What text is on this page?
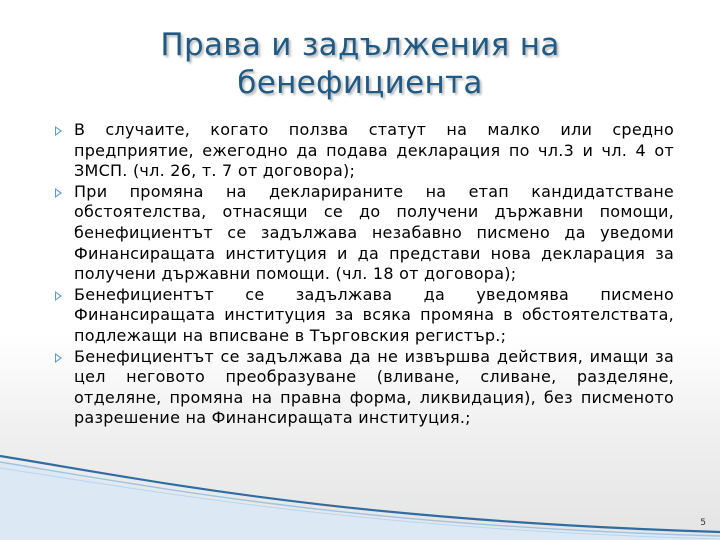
Права и задължения на
бенефициента
В случаите, когато ползва статут на малко или средно предприятие, ежегодно да подава декларация по чл.3 и чл. 4 от ЗМСП. (чл. 26, т. 7 от договора);
При промяна на декларираните на етап кандидатстване обстоятелства, отнасящи се до получени държавни помощи, бенефициентът се задължава незабавно писмено да уведоми Финансиращата институция и да представи нова декларация за получени държавни помощи. (чл. 18 от договора);
Бенефициентът се задължава да уведомява писмено Финансиращата институция за всяка промяна в обстоятелствата, подлежащи на вписване в Търговския регистър.;
Бенефициентът се задължава да не извършва действия, имащи за цел неговото преобразуване (вливане, сливане, разделяне, отделяне, промяна на правна форма, ликвидация), без писменото разрешение на Финансиращата институция.;
5
